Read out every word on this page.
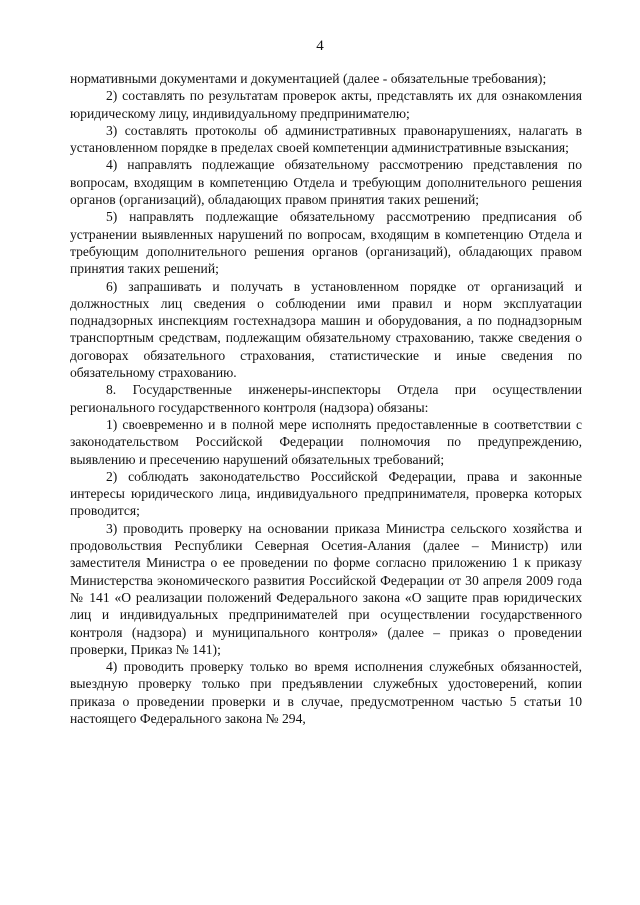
4

нормативными документами и документацией (далее - обязательные требования);

2) составлять по результатам проверок акты, представлять их для ознакомления юридическому лицу, индивидуальному предпринимателю;

3) составлять протоколы об административных правонарушениях, налагать в установленном порядке в пределах своей компетенции административные взыскания;

4) направлять подлежащие обязательному рассмотрению представления по вопросам, входящим в компетенцию Отдела и требующим дополнительного решения органов (организаций), обладающих правом принятия таких решений;

5) направлять подлежащие обязательному рассмотрению предписания об устранении выявленных нарушений по вопросам, входящим в компетенцию Отдела и требующим дополнительного решения органов (организаций), обладающих правом принятия таких решений;

6) запрашивать и получать в установленном порядке от организаций и должностных лиц сведения о соблюдении ими правил и норм эксплуатации поднадзорных инспекциям гостехнадзора машин и оборудования, а по поднадзорным транспортным средствам, подлежащим обязательному страхованию, также сведения о договорах обязательного страхования, статистические и иные сведения по обязательному страхованию.

8. Государственные инженеры-инспекторы Отдела при осуществлении регионального государственного контроля (надзора) обязаны:

1) своевременно и в полной мере исполнять предоставленные в соответствии с законодательством Российской Федерации полномочия по предупреждению, выявлению и пресечению нарушений обязательных требований;

2) соблюдать законодательство Российской Федерации, права и законные интересы юридического лица, индивидуального предпринимателя, проверка которых проводится;

3) проводить проверку на основании приказа Министра сельского хозяйства и продовольствия Республики Северная Осетия-Алания (далее – Министр) или заместителя Министра о ее проведении по форме согласно приложению 1 к приказу Министерства экономического развития Российской Федерации от 30 апреля 2009 года № 141 «О реализации положений Федерального закона «О защите прав юридических лиц и индивидуальных предпринимателей при осуществлении государственного контроля (надзора) и муниципального контроля» (далее – приказ о проведении проверки, Приказ № 141);

4) проводить проверку только во время исполнения служебных обязанностей, выездную проверку только при предъявлении служебных удостоверений, копии приказа о проведении проверки и в случае, предусмотренном частью 5 статьи 10 настоящего Федерального закона № 294,
